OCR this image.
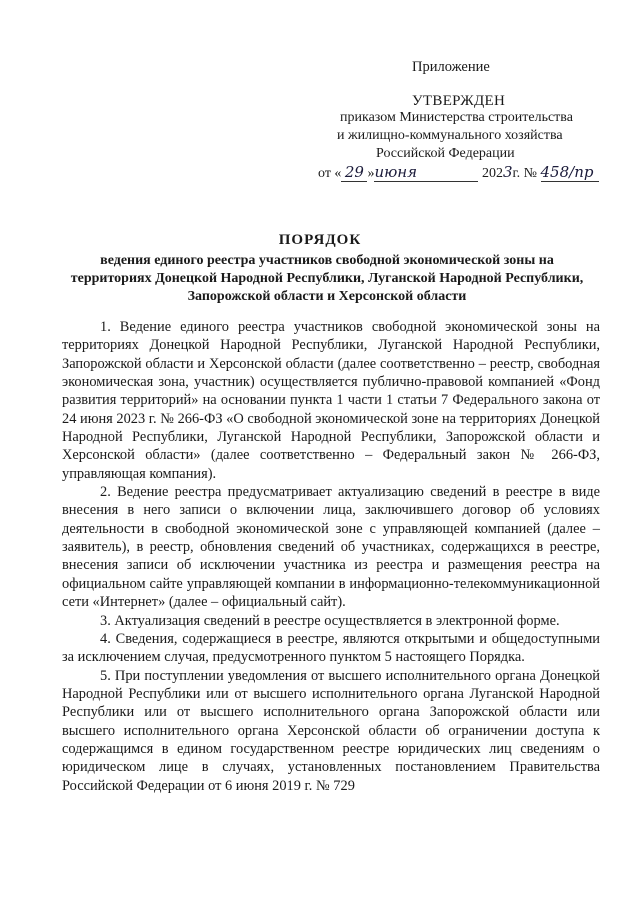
Приложение
УТВЕРЖДЕН
приказом Министерства строительства
и жилищно-коммунального хозяйства
Российской Федерации
от « 29 »июня	2023г. № 458/пр
ПОРЯДОК
ведения единого реестра участников свободной экономической зоны на территориях Донецкой Народной Республики, Луганской Народной Республики, Запорожской области и Херсонской области

1. Ведение единого реестра участников свободной экономической зоны на территориях Донецкой Народной Республики, Луганской Народной Республики, Запорожской области и Херсонской области (далее соответственно – реестр, свободная экономическая зона, участник) осуществляется публично-правовой компанией «Фонд развития территорий» на основании пункта 1 части 1 статьи 7 Федерального закона от 24 июня 2023 г. № 266-ФЗ «О свободной экономической зоне на территориях Донецкой Народной Республики, Луганской Народной Республики, Запорожской области и Херсонской области» (далее соответственно – Федеральный закон № 266-ФЗ, управляющая компания).

2. Ведение реестра предусматривает актуализацию сведений в реестре в виде внесения в него записи о включении лица, заключившего договор об условиях деятельности в свободной экономической зоне с управляющей компанией (далее – заявитель), в реестр, обновления сведений об участниках, содержащихся в реестре, внесения записи об исключении участника из реестра и размещения реестра на официальном сайте управляющей компании в информационно-телекоммуникационной сети «Интернет» (далее – официальный сайт).

3. Актуализация сведений в реестре осуществляется в электронной форме.

4. Сведения, содержащиеся в реестре, являются открытыми и общедоступными за исключением случая, предусмотренного пунктом 5 настоящего Порядка.

5. При поступлении уведомления от высшего исполнительного органа Донецкой Народной Республики или от высшего исполнительного органа Луганской Народной Республики или от высшего исполнительного органа Запорожской области или высшего исполнительного органа Херсонской области об ограничении доступа к содержащимся в едином государственном реестре юридических лиц сведениям о юридическом лице в случаях, установленных постановлением Правительства Российской Федерации от 6 июня 2019 г. № 729
